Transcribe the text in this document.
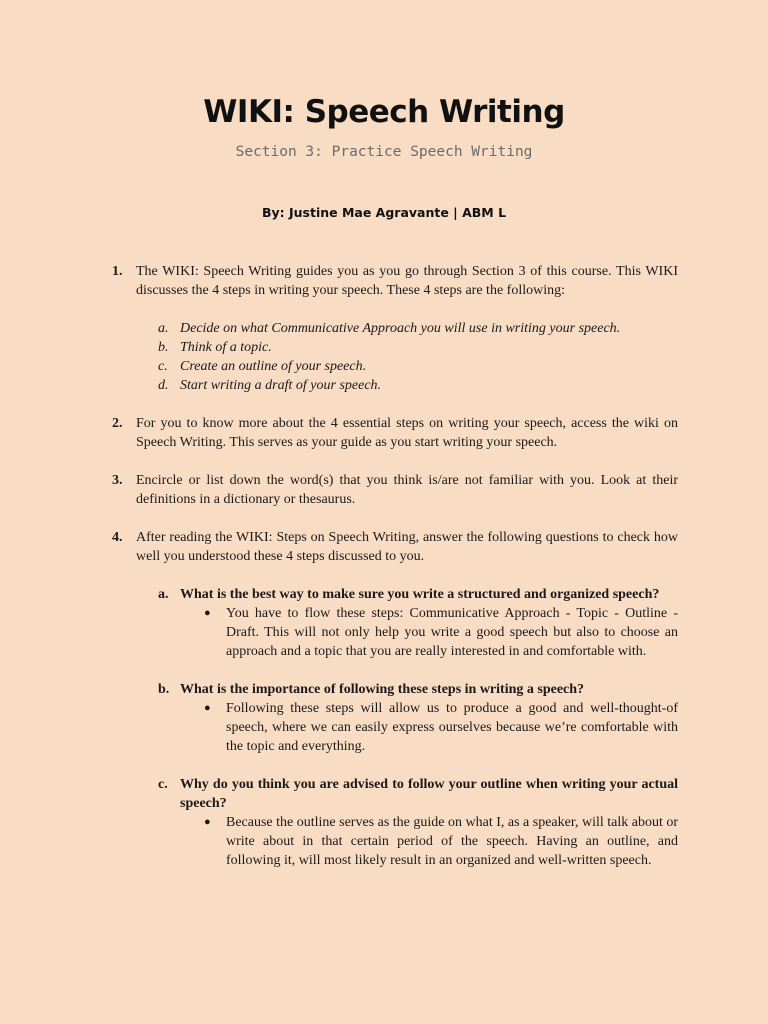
WIKI: Speech Writing
Section 3: Practice Speech Writing
By: Justine Mae Agravante | ABM L
1. The WIKI: Speech Writing guides you as you go through Section 3 of this course. This WIKI discusses the 4 steps in writing your speech. These 4 steps are the following:
a. Decide on what Communicative Approach you will use in writing your speech.
b. Think of a topic.
c. Create an outline of your speech.
d. Start writing a draft of your speech.
2. For you to know more about the 4 essential steps on writing your speech, access the wiki on Speech Writing. This serves as your guide as you start writing your speech.
3. Encircle or list down the word(s) that you think is/are not familiar with you. Look at their definitions in a dictionary or thesaurus.
4. After reading the WIKI: Steps on Speech Writing, answer the following questions to check how well you understood these 4 steps discussed to you.
a. What is the best way to make sure you write a structured and organized speech?
● You have to flow these steps: Communicative Approach - Topic - Outline - Draft. This will not only help you write a good speech but also to choose an approach and a topic that you are really interested in and comfortable with.
b. What is the importance of following these steps in writing a speech?
● Following these steps will allow us to produce a good and well-thought-of speech, where we can easily express ourselves because we’re comfortable with the topic and everything.
c. Why do you think you are advised to follow your outline when writing your actual speech?
● Because the outline serves as the guide on what I, as a speaker, will talk about or write about in that certain period of the speech. Having an outline, and following it, will most likely result in an organized and well-written speech.
